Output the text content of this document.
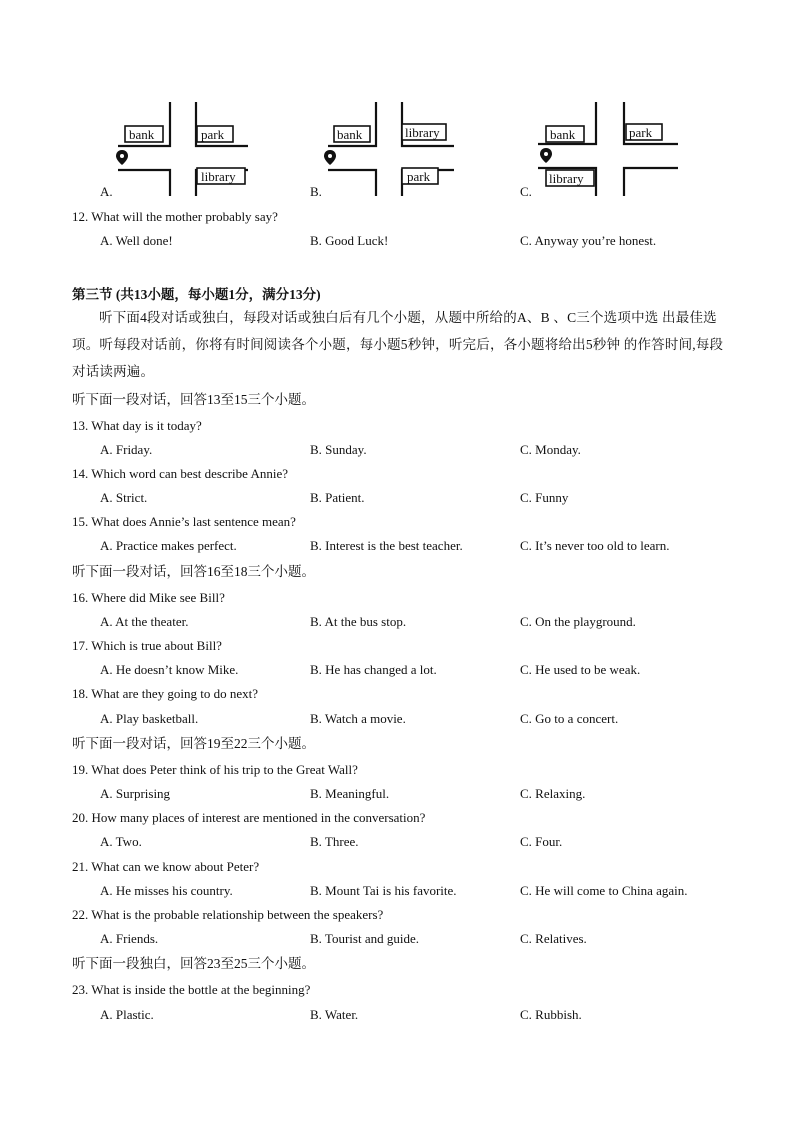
bank	park
library
A.
bank	library
park
B.
bank	park
library
C.
12. What will the mother probably say?
A. Well done!	B. Good Luck!	C. Anyway you’re honest.
第三节 (共13小题，每小题1分，满分13分)
听下面4段对话或独白，每段对话或独白后有几个小题，从题中所给的A、B 、C三个选项中选 出最佳选项。听每段对话前，你将有时间阅读各个小题，每小题5秒钟，听完后，各小题将给出5秒钟 的作答时间,每段对话读两遍。
听下面一段对话，回答13至15三个小题。
13. What day is it today?
A. Friday.	B. Sunday.	C. Monday.
14. Which word can best describe Annie?
A. Strict.	B. Patient.	C. Funny
15. What does Annie’s last sentence mean?
A. Practice makes perfect.	B. Interest is the best teacher.	C. It’s never too old to learn.
听下面一段对话，回答16至18三个小题。
16. Where did Mike see Bill?
A. At the theater.	B. At the bus stop.	C. On the playground.
17. Which is true about Bill?
A. He doesn’t know Mike.	B. He has changed a lot.	C. He used to be weak.
18. What are they going to do next?
A. Play basketball.	B. Watch a movie.	C. Go to a concert.
听下面一段对话，回答19至22三个小题。
19. What does Peter think of his trip to the Great Wall?
A. Surprising	B. Meaningful.	C. Relaxing.
20. How many places of interest are mentioned in the conversation?
A. Two.	B. Three.	C. Four.
21. What can we know about Peter?
A. He misses his country.	B. Mount Tai is his favorite.	C. He will come to China again.
22. What is the probable relationship between the speakers?
A. Friends.	B. Tourist and guide.	C. Relatives.
听下面一段独白，回答23至25三个小题。
23. What is inside the bottle at the beginning?
A. Plastic.	B. Water.	C. Rubbish.
